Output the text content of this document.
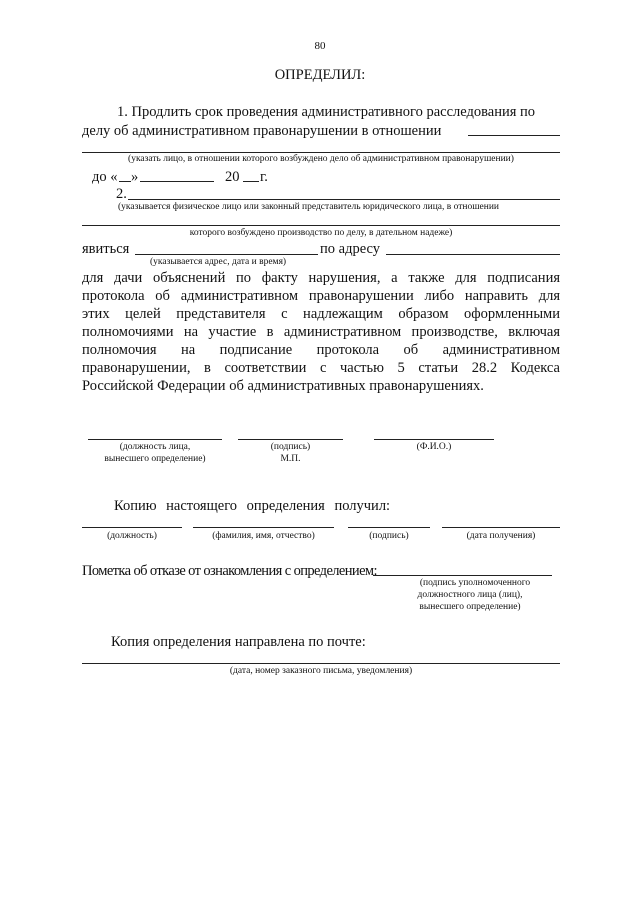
80
ОПРЕДЕЛИЛ:
1. Продлить срок проведения административного расследования по
делу об административном правонарушении в отношении
(указать лицо, в отношении которого возбуждено дело об административном правонарушении)
до « »	20 г.
2.
(указывается физическое лицо или законный представитель юридического лица, в отношении
которого возбуждено производство по делу, в дательном надеже)
явиться	по адресу
(указывается адрес, дата и время)
для дачи объяснений по факту нарушения, а также для подписания
протокола об административном правонарушении либо направить для
этих целей представителя с надлежащим образом оформленными
полномочиями на участие в административном производстве, включая
полномочия на подписание протокола об административном
правонарушении, в соответствии с частью 5 статьи 28.2 Кодекса
Российской Федерации об административных правонарушениях.
(должность лица,
вынесшего определение)
(подпись)
М.П.
(Ф.И.О.)
Копию настоящего определения получил:
(должность)	(фамилия, имя, отчество)	(подпись)	(дата получения)
Пометка об отказе от ознакомления с определением:
(подпись уполномоченного
должностного лица (лиц),
вынесшего определение)
Копия определения направлена по почте:
(дата, номер заказного письма, уведомления)
